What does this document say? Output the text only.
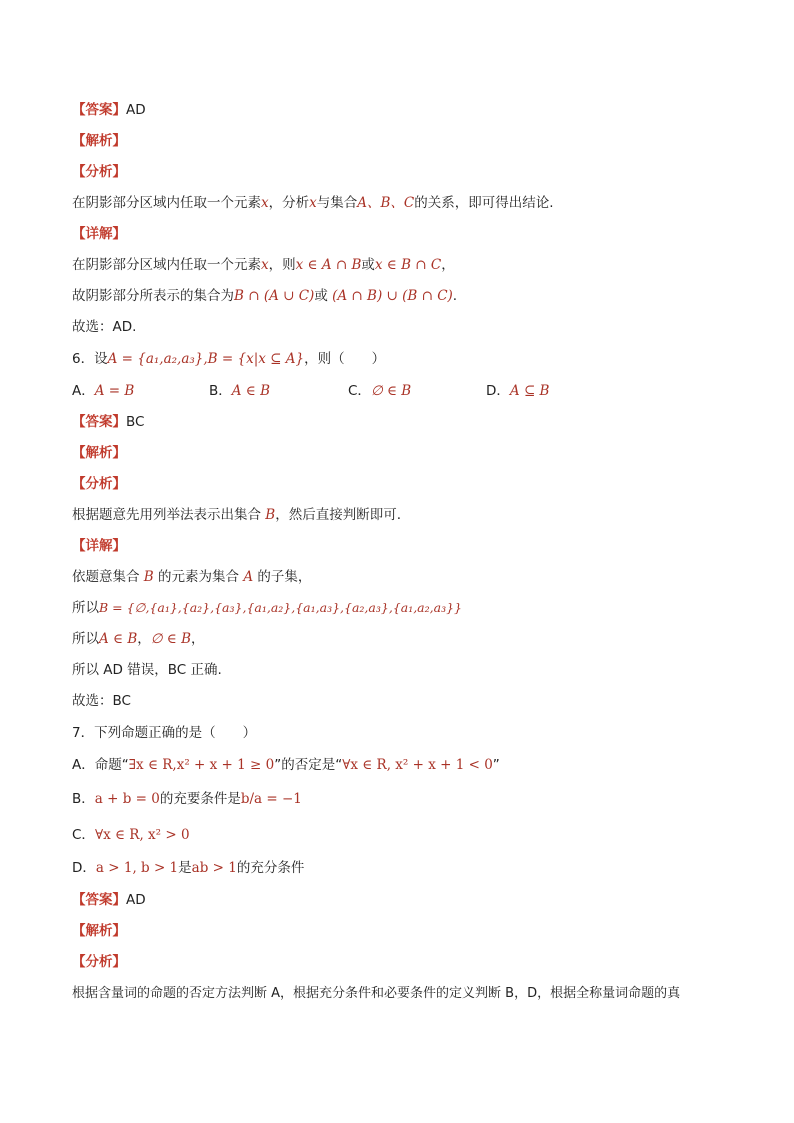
【答案】AD
【解析】
【分析】
在阴影部分区域内任取一个元素x，分析x与集合A、B、C的关系，即可得出结论.
【详解】
在阴影部分区域内任取一个元素x，则x ∈ A ∩ B或x ∈ B ∩ C，
故阴影部分所表示的集合为B ∩ (A ∪ C)或 (A ∩ B) ∪ (B ∩ C).
故选：AD.
6．设A = {a₁,a₂,a₃},B = {x|x ⊆ A}，则（　　）
A．A = B	B．A ∈ B	C．∅ ∈ B	D．A ⊆ B
【答案】BC
【解析】
【分析】
根据题意先用列举法表示出集合 B，然后直接判断即可.
【详解】
依题意集合 B 的元素为集合 A 的子集，
所以B = {∅,{a₁},{a₂},{a₃},{a₁,a₂},{a₁,a₃},{a₂,a₃},{a₁,a₂,a₃}}
所以A ∈ B，∅ ∈ B，
所以 AD 错误，BC 正确.
故选：BC
7．下列命题正确的是（　　）
A．命题“∃x ∈ R,x² + x + 1 ≥ 0”的否定是“∀x ∈ R, x² + x + 1 < 0”
B．a + b = 0的充要条件是b/a = −1
C．∀x ∈ R, x² > 0
D．a > 1, b > 1是ab > 1的充分条件
【答案】AD
【解析】
【分析】
根据含量词的命题的否定方法判断 A，根据充分条件和必要条件的定义判断 B，D，根据全称量词命题的真
